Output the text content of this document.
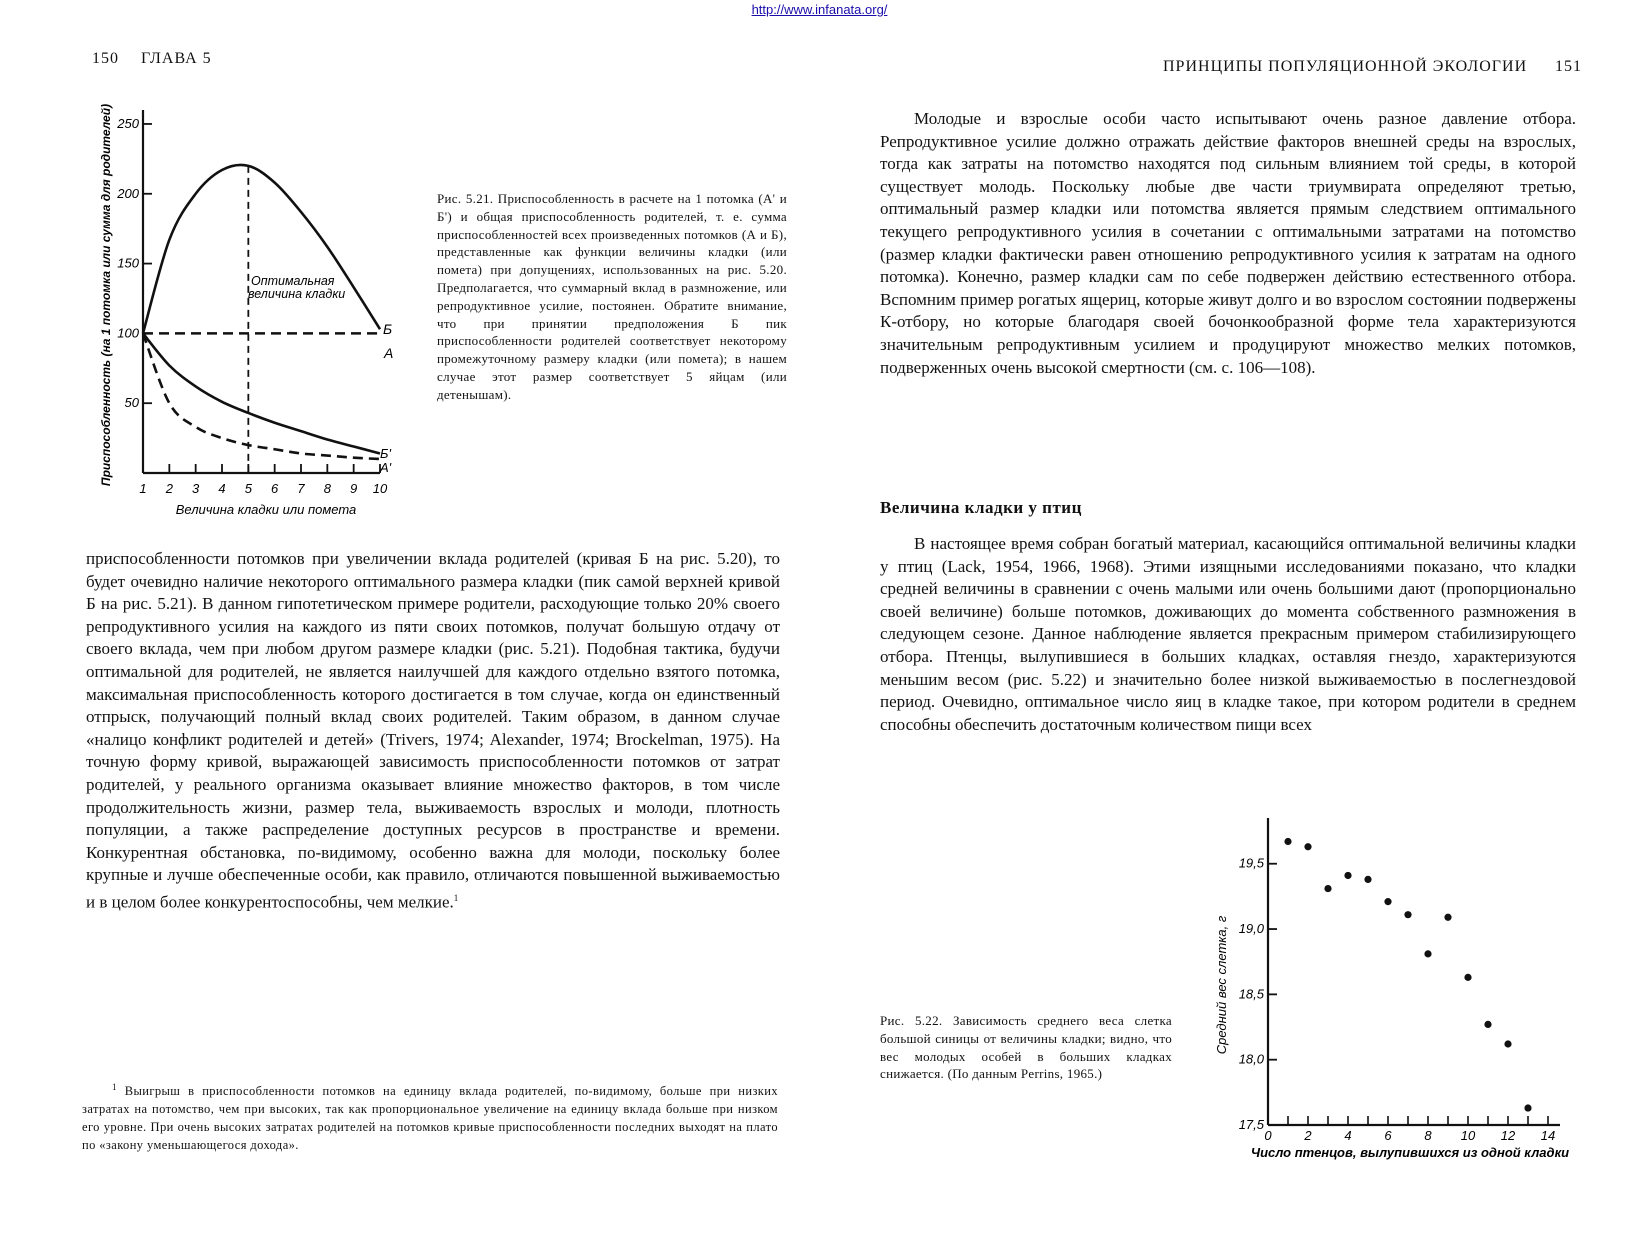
http://www.infanata.org/
150 ГЛАВА 5
50
100
150
200
250
1 2 3 4 5 6 7 8 9 10
Оптимальная
величина кладки
Б
А
Б'
А'
Величина кладки или помета
Приспособленность (на 1 потомка или сумма для родителей)	Рис. 5.21. Приспособленность в расчете на 1 потомка (А' и Б') и общая приспособленность родителей, т. е. сумма приспособленностей всех произведенных потомков (А и Б), представленные как функции величины кладки (или помета) при допущениях, использованных на рис. 5.20. Предполагается, что суммарный вклад в размножение, или репродуктивное усилие, постоянен. Обратите внимание, что при принятии предположения Б пик приспособленности родителей соответствует некоторому промежуточному размеру кладки (или помета); в нашем случае этот размер соответствует 5 яйцам (или детенышам).

приспособленности потомков при увеличении вклада родителей (кривая Б на рис. 5.20), то будет очевидно наличие некоторого оптимального размера кладки (пик самой верхней кривой Б на рис. 5.21). В данном гипотетическом примере родители, расходующие только 20% своего репродуктивного усилия на каждого из пяти своих потомков, получат большую отдачу от своего вклада, чем при любом другом размере кладки (рис. 5.21). Подобная тактика, будучи оптимальной для родителей, не является наилучшей для каждого отдельно взятого потомка, максимальная приспособленность которого достигается в том случае, когда он единственный отпрыск, получающий полный вклад своих родителей. Таким образом, в данном случае «налицо конфликт родителей и детей» (Trivers, 1974; Alexander, 1974; Brockelman, 1975). На точную форму кривой, выражающей зависимость приспособленности потомков от затрат родителей, у реального организма оказывает влияние множество факторов, в том числе продолжительность жизни, размер тела, выживаемость взрослых и молоди, плотность популяции, а также распределение доступных ресурсов в пространстве и времени. Конкурентная обстановка, по-видимому, особенно важна для молоди, поскольку более крупные и лучше обеспеченные особи, как правило, отличаются повышенной выживаемостью и в целом более конкурентоспособны, чем мелкие.$^1$

$^1$ Выигрыш в приспособленности потомков на единицу вклада родителей, по-видимому, больше при низких затратах на потомство, чем при высоких, так как пропорциональное увеличение на единицу вклада больше при низком его уровне. При очень высоких затратах родителей на потомков кривые приспособленности последних выходят на плато по «закону уменьшающегося дохода».
ПРИНЦИПЫ ПОПУЛЯЦИОННОЙ ЭКОЛОГИИ 151

Молодые и взрослые особи часто испытывают очень разное давление отбора. Репродуктивное усилие должно отражать действие факторов внешней среды на взрослых, тогда как затраты на потомство находятся под сильным влиянием той среды, в которой существует молодь. Поскольку любые две части триумвирата определяют третью, оптимальный размер кладки или потомства является прямым следствием оптимального текущего репродуктивного усилия в сочетании с оптимальными затратами на потомство (размер кладки фактически равен отношению репродуктивного усилия к затратам на одного потомка). Конечно, размер кладки сам по себе подвержен действию естественного отбора. Вспомним пример рогатых ящериц, которые живут долго и во взрослом состоянии подвержены К-отбору, но которые благодаря своей бочонкообразной форме тела характеризуются значительным репродуктивным усилием и продуцируют множество мелких потомков, подверженных очень высокой смертности (см. с. 106—108).

Величина кладки у птиц

В настоящее время собран богатый материал, касающийся оптимальной величины кладки у птиц (Lack, 1954, 1966, 1968). Этими изящными исследованиями показано, что кладки средней величины в сравнении с очень малыми или очень большими дают (пропорционально своей величине) больше потомков, доживающих до момента собственного размножения в следующем сезоне. Данное наблюдение является прекрасным примером стабилизирующего отбора. Птенцы, вылупившиеся в больших кладках, оставляя гнездо, характеризуются меньшим весом (рис. 5.22) и значительно более низкой выживаемостью в послегнездовой период. Очевидно, оптимальное число яиц в кладке такое, при котором родители в среднем способны обеспечить достаточным количеством пищи всех

Рис. 5.22. Зависимость среднего веса слетка большой синицы от величины кладки; видно, что вес молодых особей в больших кладках снижается. (По данным Perrins, 1965.)
17,5
18,0
18,5
19,0
19,5
0	2	4	6	8 10 12 14
Число птенцов, вылупившихся из одной кладки
Средний вес слетка, г
